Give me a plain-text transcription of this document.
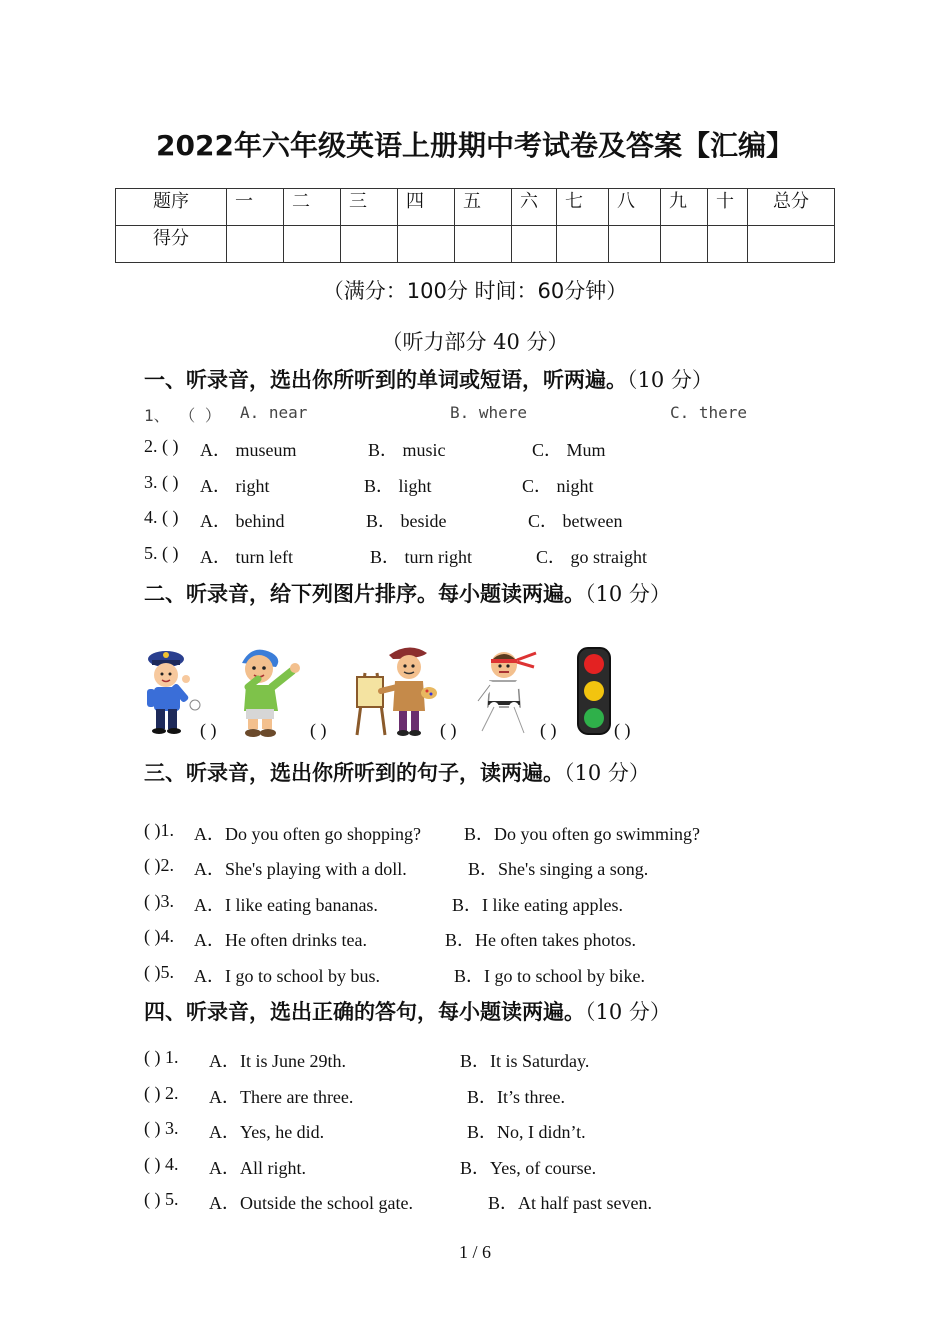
2022年六年级英语上册期中考试卷及答案【汇编】
题序	一	二	三	四	五	六	七	八	九	十	总分
得分											
（满分：100分 时间：60分钟）
（听力部分 40 分）
一、听录音，选出你所听到的单词或短语，听两遍。（10 分）
1、 （ ） A. near	B. where	C. there
2. ( ) A． museum	B． music	C． Mum
3. ( ) A． right	B． light	C． night
4. ( ) A． behind	B． beside	C． between
5. ( ) A． turn left	B． turn right	C． go straight
二、听录音，给下列图片排序。每小题读两遍。（10 分）
( )	( )	( )	( )	( )
三、听录音，选出你所听到的句子，读两遍。（10 分）
( )1. A．Do you often go shopping? B．Do you often go swimming?
( )2. A．She's playing with a doll.	B．She's singing a song.
( )3. A．I like eating bananas.	B．I like eating apples.
( )4. A．He often drinks tea.	B．He often takes photos.
( )5. A．I go to school by bus.	B．I go to school by bike.
四、听录音，选出正确的答句，每小题读两遍。（10 分）
( ) 1. A．It is June 29th.	B．It is Saturday.
( ) 2. A．There are three.	B．It’s three.
( ) 3. A．Yes, he did.	B．No, I didn’t.
( ) 4. A．All right.	B．Yes, of course.
( ) 5. A．Outside the school gate.	B．At half past seven.
1 / 6
